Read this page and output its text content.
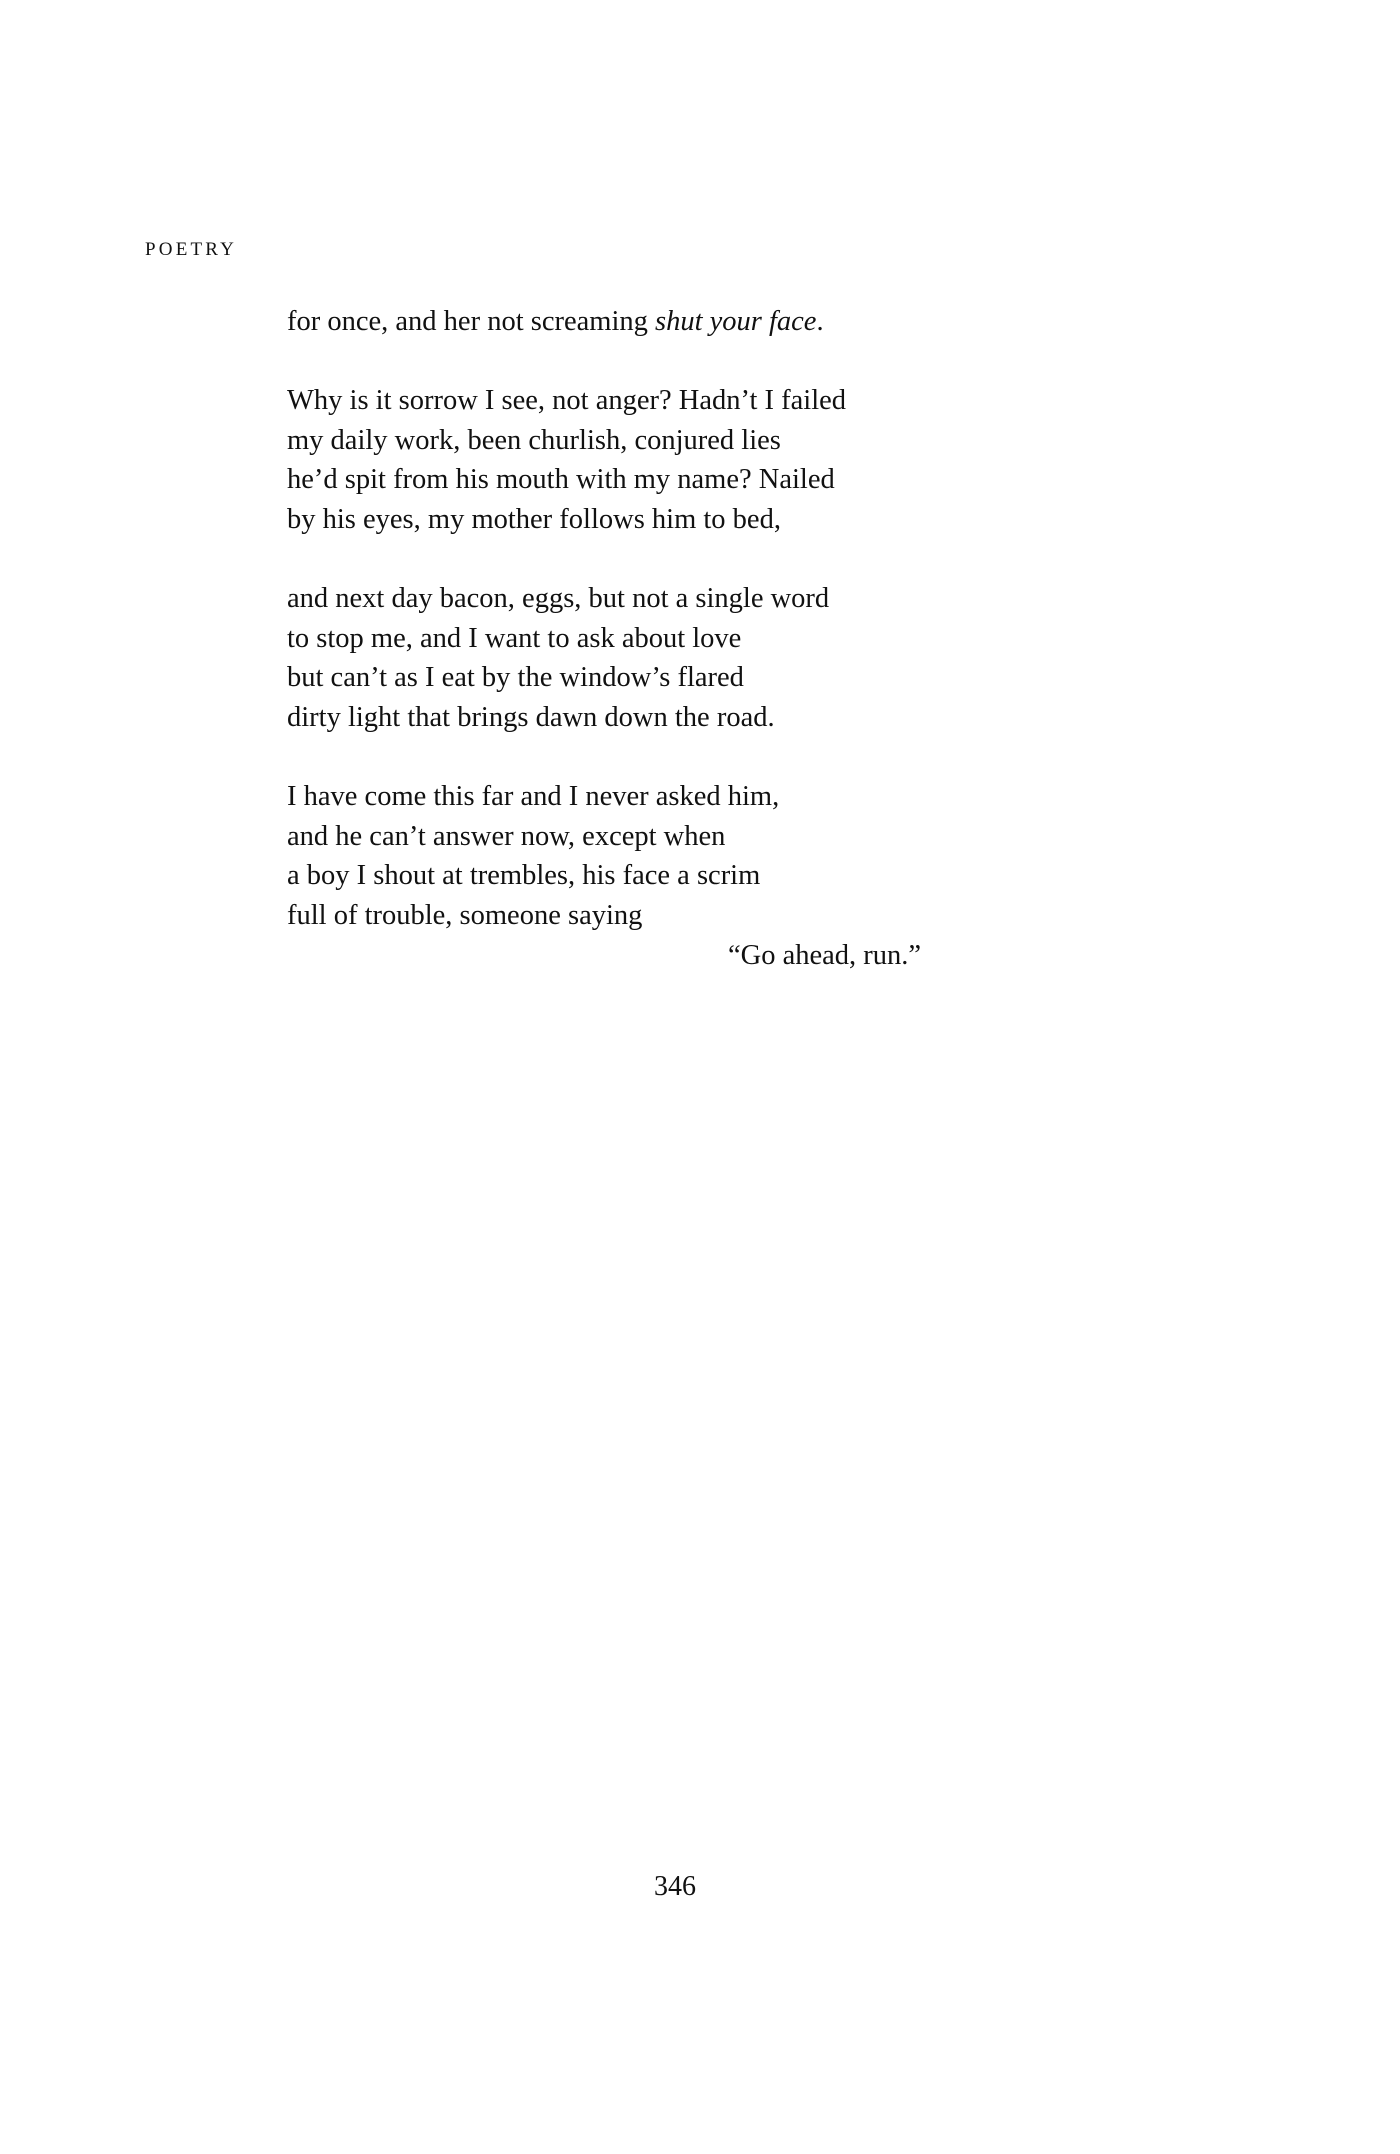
POETRY
for once, and her not screaming shut your face.
Why is it sorrow I see, not anger? Hadn’t I failed
my daily work, been churlish, conjured lies
he’d spit from his mouth with my name? Nailed
by his eyes, my mother follows him to bed,
and next day bacon, eggs, but not a single word
to stop me, and I want to ask about love
but can’t as I eat by the window’s flared
dirty light that brings dawn down the road.
I have come this far and I never asked him,
and he can’t answer now, except when
a boy I shout at trembles, his face a scrim
full of trouble, someone saying
“Go ahead, run.”
346
